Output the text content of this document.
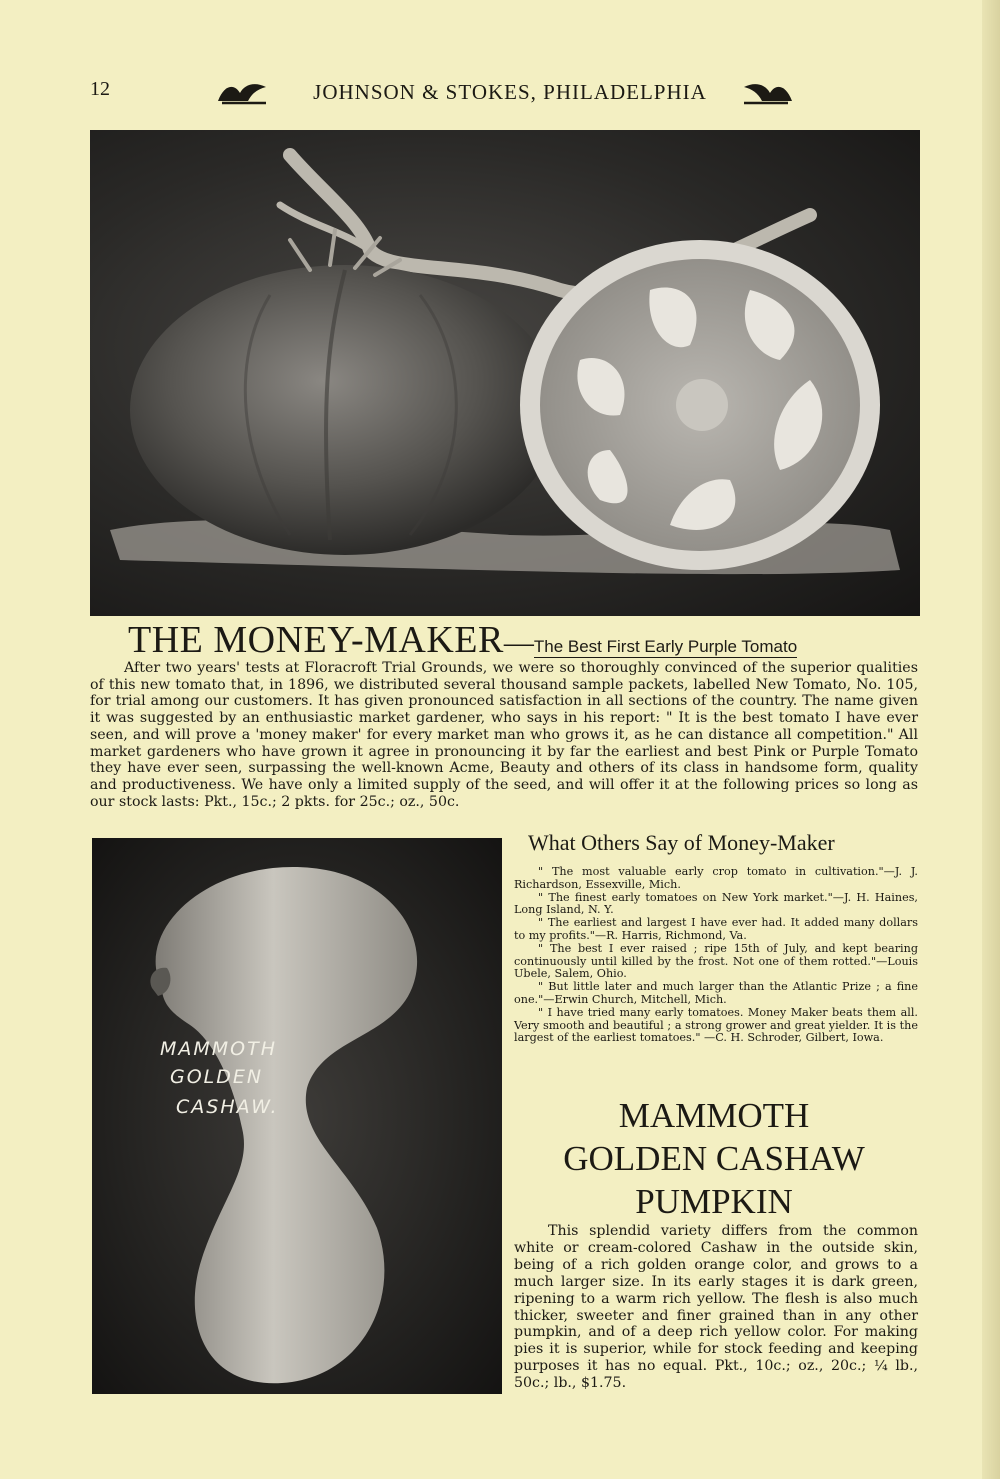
12	JOHNSON & STOKES, PHILADELPHIA
THE MONEY-MAKER—The Best First Early Purple Tomato

After two years' tests at Floracroft Trial Grounds, we were so thoroughly convinced of the superior qualities of this new tomato that, in 1896, we distributed several thousand sample packets, labelled New Tomato, No. 105, for trial among our customers. It has given pronounced satisfaction in all sections of the country. The name given it was suggested by an enthusiastic market gardener, who says in his report: " It is the best tomato I have ever seen, and will prove a 'money maker' for every market man who grows it, as he can distance all competition." All market gardeners who have grown it agree in pronouncing it by far the earliest and best Pink or Purple Tomato they have ever seen, surpassing the well-known Acme, Beauty and others of its class in handsome form, quality and productiveness. We have only a limited supply of the seed, and will offer it at the following prices so long as our stock lasts: Pkt., 15c.; 2 pkts. for 25c.; oz., 50c.

MAMMOTH
GOLDEN
CASHAW.
What Others Say of Money-Maker
" The most valuable early crop tomato in cultivation."—J. J. Richardson, Essexville, Mich.
" The finest early tomatoes on New York market."—J. H. Haines, Long Island, N. Y.
" The earliest and largest I have ever had. It added many dollars to my profits."—R. Harris, Richmond, Va.
" The best I ever raised ; ripe 15th of July, and kept bearing continuously until killed by the frost. Not one of them rotted."—Louis Ubele, Salem, Ohio.
" But little later and much larger than the Atlantic Prize ; a fine one."—Erwin Church, Mitchell, Mich.
" I have tried many early tomatoes. Money Maker beats them all. Very smooth and beautiful ; a strong grower and great yielder. It is the largest of the earliest tomatoes." —C. H. Schroder, Gilbert, Iowa.
MAMMOTH
GOLDEN CASHAW
PUMPKIN

This splendid variety differs from the common white or cream-colored Cashaw in the outside skin, being of a rich golden orange color, and grows to a much larger size. In its early stages it is dark green, ripening to a warm rich yellow. The flesh is also much thicker, sweeter and finer grained than in any other pumpkin, and of a deep rich yellow color. For making pies it is superior, while for stock feeding and keeping purposes it has no equal. Pkt., 10c.; oz., 20c.; ¼ lb., 50c.; lb., $1.75.
